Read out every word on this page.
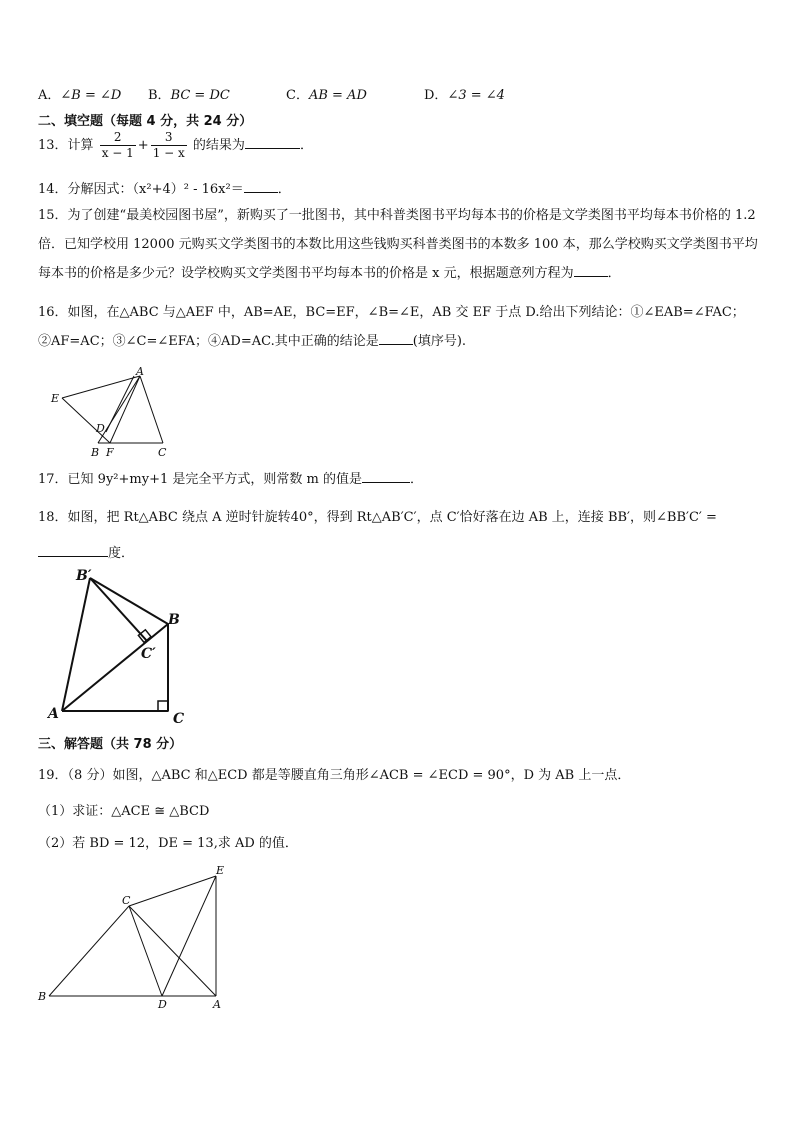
A．∠B = ∠D B．BC = DC	C．AB = AD	D．∠3 = ∠4
二、填空题（每题 4 分，共 24 分）
13．计算 $\frac{2}{x - 1} + \frac{3}{1 - x}$ 的结果为	．
14．分解因式：（x²+4）² - 16x²＝	．
15．为了创建“最美校园图书屋”，新购买了一批图书，其中科普类图书平均每本书的价格是文学类图书平均每本书价格的 1.2 倍．已知学校用 12000 元购买文学类图书的本数比用这些钱购买科普类图书的本数多 100 本，那么学校购买文学类图书平均每本书的价格是多少元？设学校购买文学类图书平均每本书的价格是 x 元，根据题意列方程为	．
16．如图，在△ABC 与△AEF 中，AB=AE，BC=EF，∠B=∠E，AB 交 EF 于点 D.给出下列结论：①∠EAB=∠FAC；②AF=AC；③∠C=∠EFA；④AD=AC.其中正确的结论是	(填序号).
A
E
D
B F	C
17．已知 9y²+my+1 是完全平方式，则常数 m 的值是	．
18．如图，把 Rt△ABC 绕点 A 逆时针旋转40°，得到 Rt△AB′C′，点 C′恰好落在边 AB 上，连接 BB′，则∠BB′C′ =
度．
B′
B
C′
A	C
三、解答题（共 78 分）
19．（8 分）如图，△ABC 和△ECD 都是等腰直角三角形∠ACB = ∠ECD = 90°，D 为 AB 上一点．
（1）求证：△ACE ≅ △BCD
（2）若 BD = 12，DE = 13,求 AD 的值．
E
C
B
D	A
